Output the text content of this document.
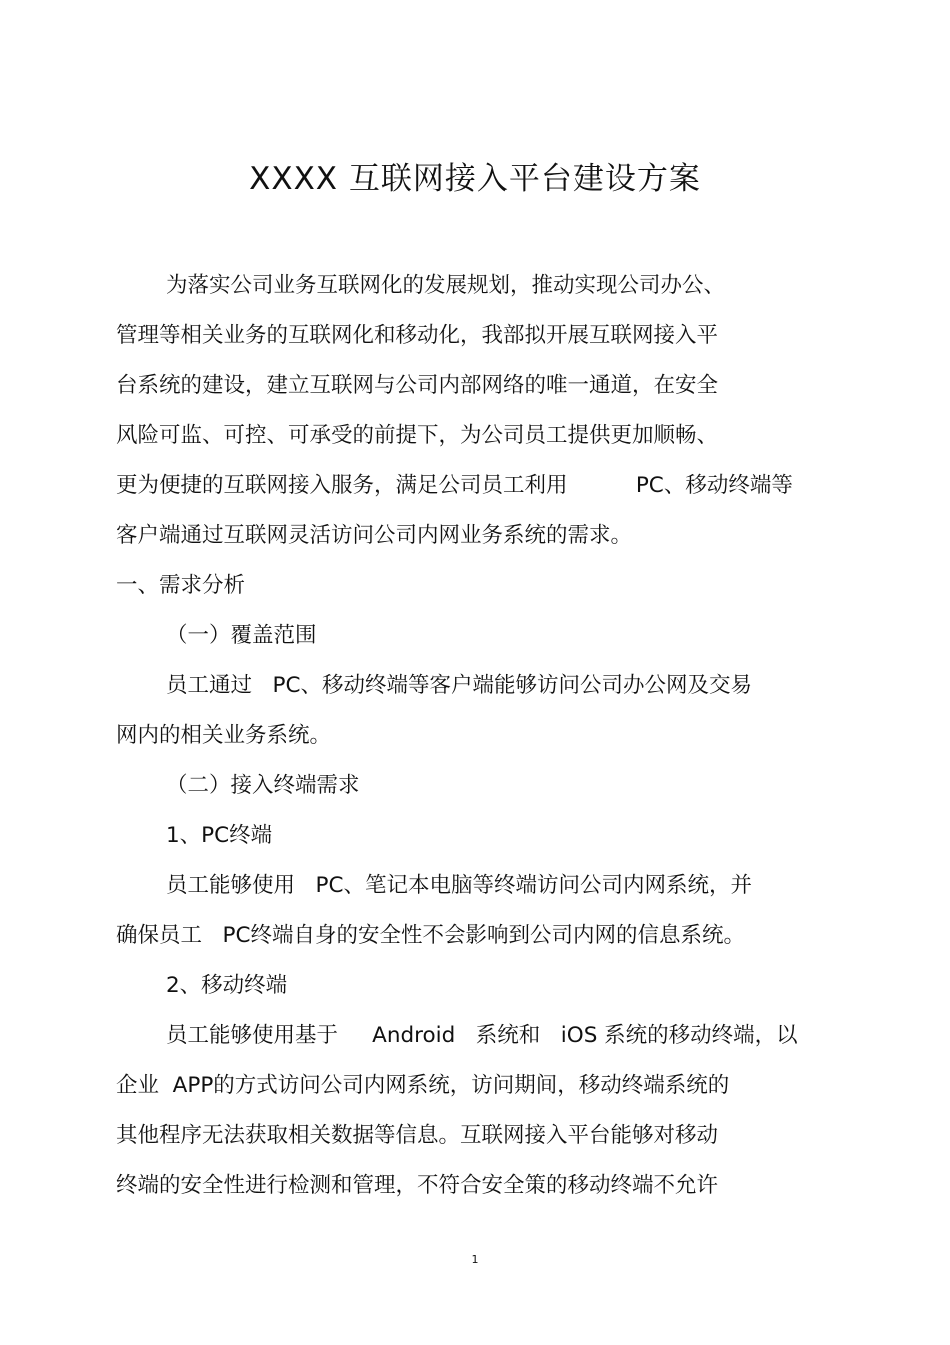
XXXX 互联网接入平台建设方案
为落实公司业务互联网化的发展规划，推动实现公司办公、
管理等相关业务的互联网化和移动化，我部拟开展互联网接入平
台系统的建设，建立互联网与公司内部网络的唯一通道，在安全
风险可监、可控、可承受的前提下，为公司员工提供更加顺畅、
更为便捷的互联网接入服务，满足公司员工利用          PC、移动终端等
客户端通过互联网灵活访问公司内网业务系统的需求。
一、需求分析
（一）覆盖范围
员工通过   PC、移动终端等客户端能够访问公司办公网及交易
网内的相关业务系统。
（二）接入终端需求
1、PC终端
员工能够使用   PC、笔记本电脑等终端访问公司内网系统，并
确保员工   PC终端自身的安全性不会影响到公司内网的信息系统。
2、移动终端
员工能够使用基于     Android   系统和   iOS 系统的移动终端，以
企业  APP的方式访问公司内网系统，访问期间，移动终端系统的
其他程序无法获取相关数据等信息。互联网接入平台能够对移动
终端的安全性进行检测和管理，不符合安全策的移动终端不允许
1
